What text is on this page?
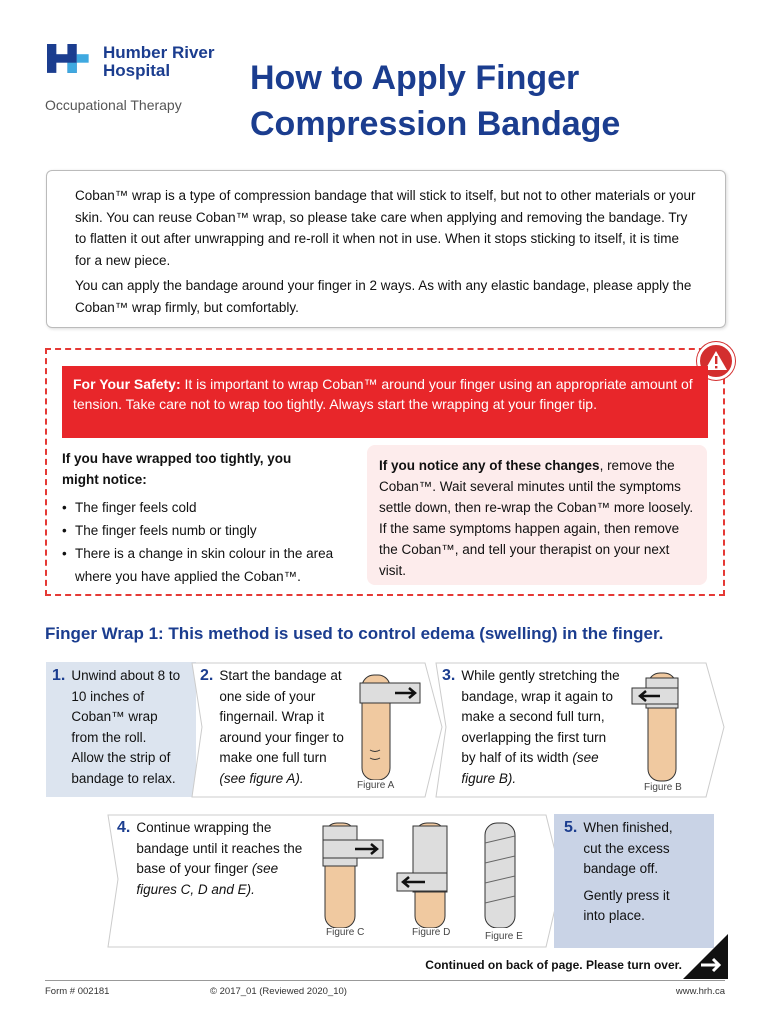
Humber River
Hospital
Occupational Therapy
How to Apply Finger
Compression Bandage

Coban™ wrap is a type of compression bandage that will stick to itself, but not to other materials or your skin. You can reuse Coban™ wrap, so please take care when applying and removing the bandage. Try to flatten it out after unwrapping and re-roll it when not in use. When it stops sticking to itself, it is time for a new piece.

You can apply the bandage around your finger in 2 ways. As with any elastic bandage, please apply the Coban™ wrap firmly, but comfortably.

For Your Safety: It is important to wrap Coban™ around your finger using an appropriate amount of tension. Take care not to wrap too tightly. Always start the wrapping at your finger tip.
If you have wrapped too tightly, you might notice:
• The finger feels cold
• The finger feels numb or tingly
• There is a change in skin colour in the area where you have applied the Coban™.
If you notice any of these changes, remove the Coban™. Wait several minutes until the symptoms settle down, then re-wrap the Coban™ more loosely. If the same symptoms happen again, then remove the Coban™, and tell your therapist on your next visit.
Finger Wrap 1: This method is used to control edema (swelling) in the finger.
1. Unwind about 8 to 10 inches of Coban™ wrap from the roll. Allow the strip of bandage to relax.
2. Start the bandage at one side of your fingernail. Wrap it around your finger to make one full turn (see figure A).	Figure A
3. While gently stretching the bandage, wrap it again to make a second full turn, overlapping the first turn by half of its width (see figure B).
Figure B
4. Continue wrapping the bandage until it reaches the base of your finger (see figures C, D and E).
Figure C	Figure D	Figure E
5. When finished, cut the excess bandage off.
Gently press it into place.
Continued on back of page. Please turn over.
Form # 002181	© 2017_01 (Reviewed 2020_10)	www.hrh.ca
